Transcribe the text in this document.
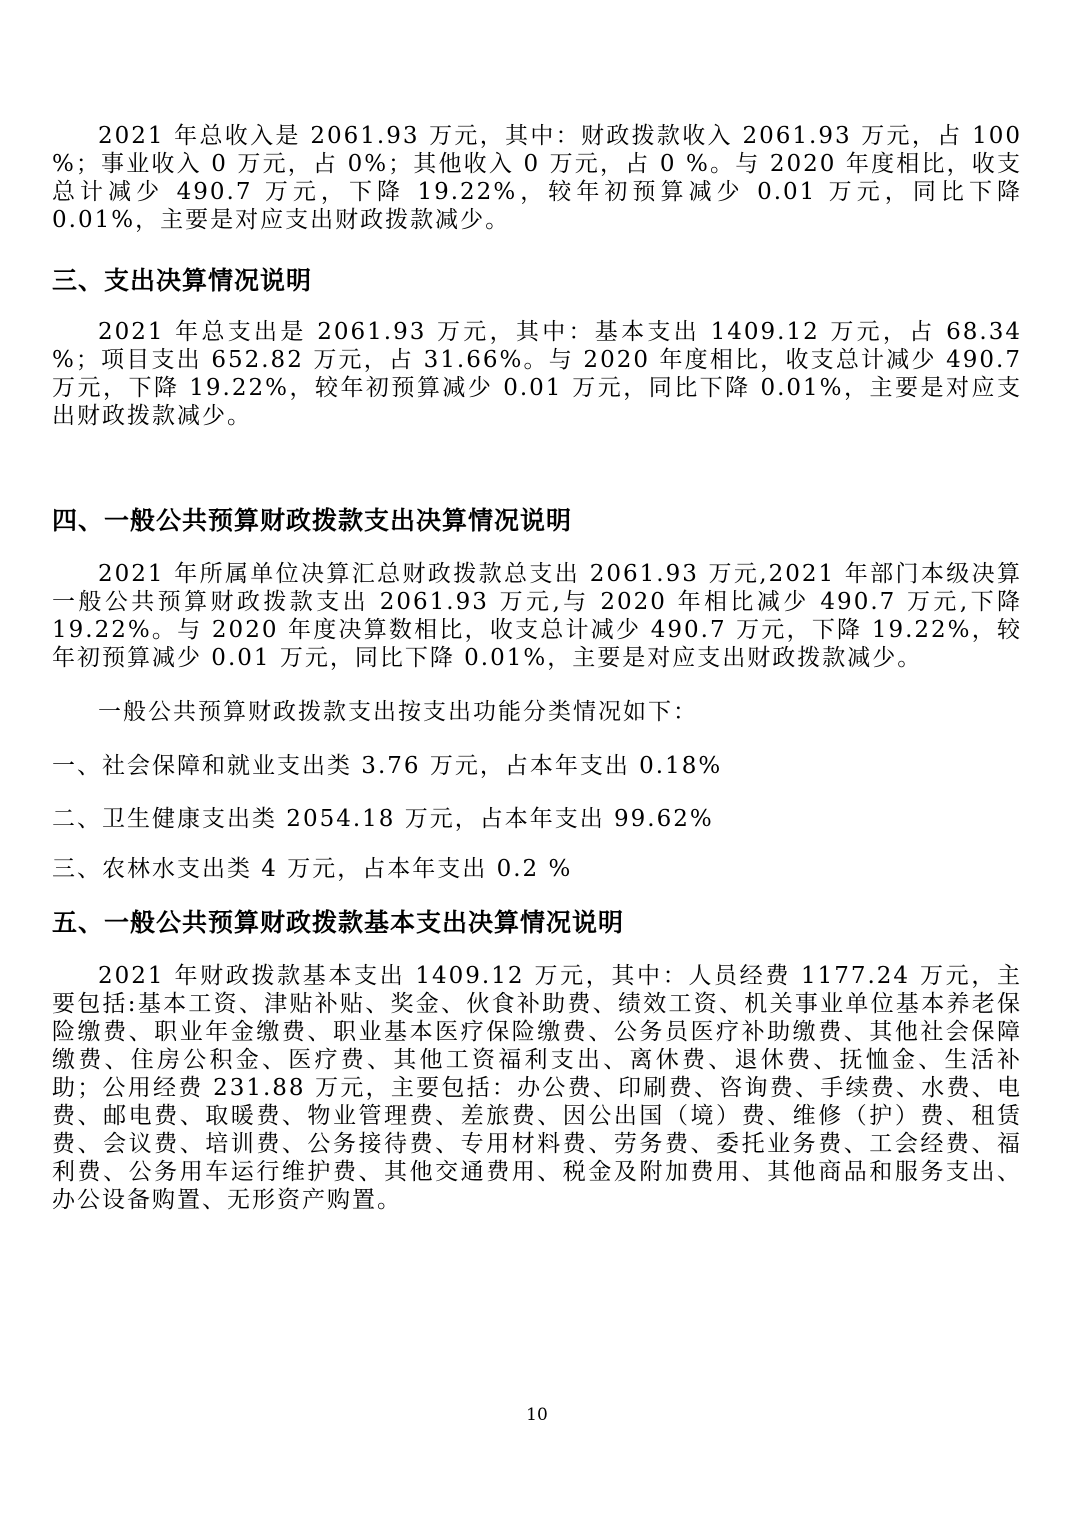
2021 年总收入是 2061.93 万元，其中：财政拨款收入 2061.93 万元，占 100 %；事业收入 0 万元，占 0%；其他收入 0 万元，占 0 %。与 2020 年度相比，收支总计减少 490.7 万元，下降 19.22%，较年初预算减少 0.01 万元，同比下降 0.01%，主要是对应支出财政拨款减少。

三、支出决算情况说明

2021 年总支出是 2061.93 万元，其中：基本支出 1409.12 万元，占 68.34 %；项目支出 652.82 万元，占 31.66%。与 2020 年度相比，收支总计减少 490.7 万元，下降 19.22%，较年初预算减少 0.01 万元，同比下降 0.01%，主要是对应支出财政拨款减少。

四、一般公共预算财政拨款支出决算情况说明

2021 年所属单位决算汇总财政拨款总支出 2061.93 万元,2021 年部门本级决算一般公共预算财政拨款支出 2061.93 万元,与 2020 年相比减少 490.7 万元,下降 19.22%。与 2020 年度决算数相比，收支总计减少 490.7 万元，下降 19.22%，较年初预算减少 0.01 万元，同比下降 0.01%，主要是对应支出财政拨款减少。

一般公共预算财政拨款支出按支出功能分类情况如下：

一、社会保障和就业支出类 3.76 万元，占本年支出 0.18%

二、卫生健康支出类 2054.18 万元，占本年支出 99.62%

三、农林水支出类 4 万元，占本年支出 0.2 %

五、一般公共预算财政拨款基本支出决算情况说明

2021 年财政拨款基本支出 1409.12 万元，其中：人员经费 1177.24 万元，主要包括:基本工资、津贴补贴、奖金、伙食补助费、绩效工资、机关事业单位基本养老保险缴费、职业年金缴费、职业基本医疗保险缴费、公务员医疗补助缴费、其他社会保障缴费、住房公积金、医疗费、其他工资福利支出、离休费、退休费、抚恤金、生活补助；公用经费 231.88 万元，主要包括：办公费、印刷费、咨询费、手续费、水费、电费、邮电费、取暖费、物业管理费、差旅费、因公出国（境）费、维修（护）费、租赁费、会议费、培训费、公务接待费、专用材料费、劳务费、委托业务费、工会经费、福利费、公务用车运行维护费、其他交通费用、税金及附加费用、其他商品和服务支出、办公设备购置、无形资产购置。

10
